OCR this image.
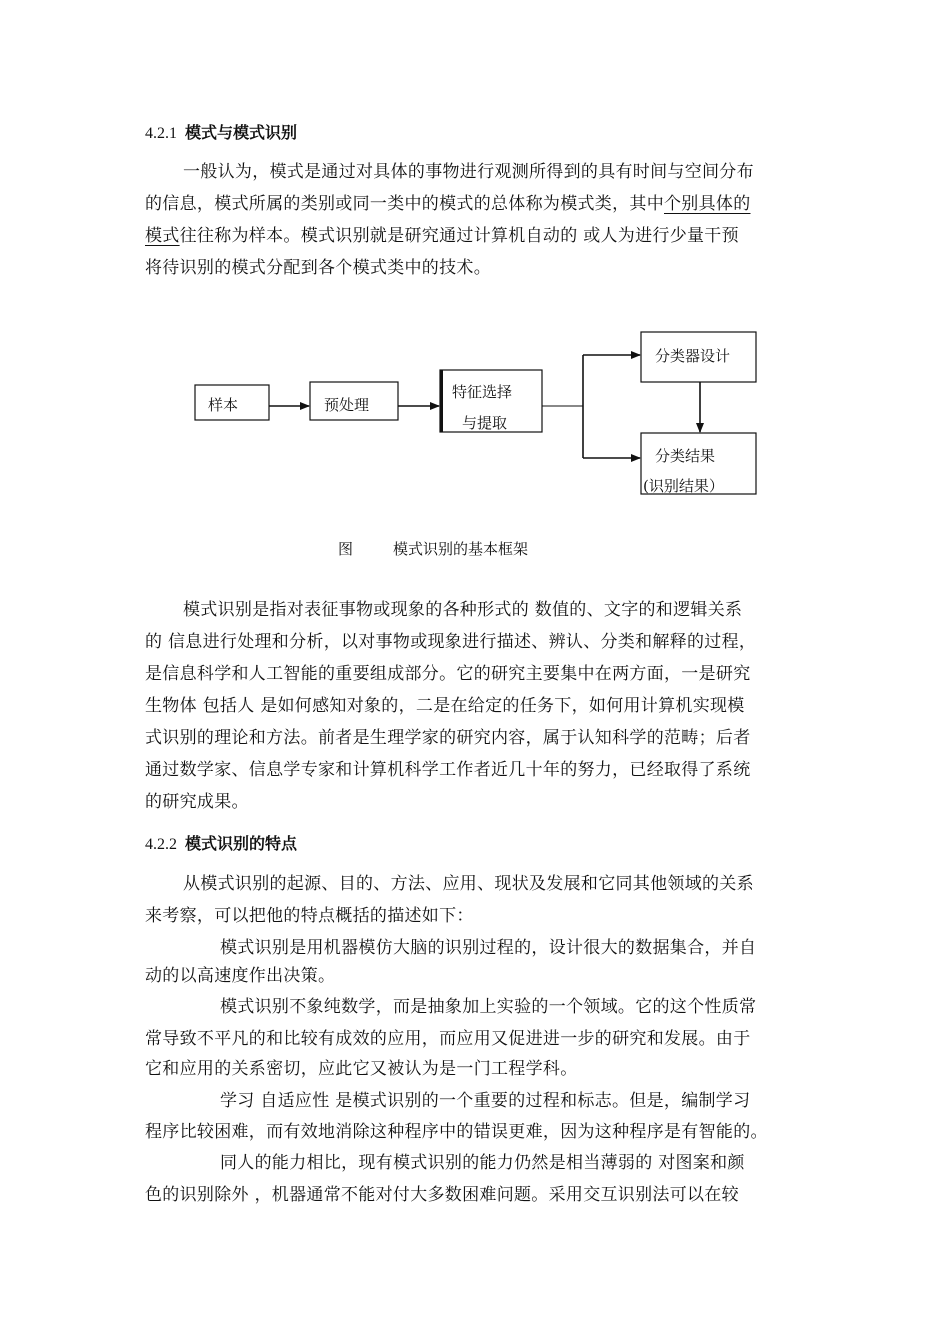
4.2.1 模式与模式识别
一般认为，模式是通过对具体的事物进行观测所得到的具有时间与空间分布
的信息，模式所属的类别或同一类中的模式的总体称为模式类，其中个别具体的
模式往往称为样本。模式识别就是研究通过计算机自动的 或人为进行少量干预
将待识别的模式分配到各个模式类中的技术。
样本	预处理
特征选择
与提取
分类器设计
分类结果
(识别结果）
图	模式识别的基本框架
模式识别是指对表征事物或现象的各种形式的 数值的、文字的和逻辑关系
的 信息进行处理和分析，以对事物或现象进行描述、辨认、分类和解释的过程，
是信息科学和人工智能的重要组成部分。它的研究主要集中在两方面，一是研究
生物体 包括人 是如何感知对象的，二是在给定的任务下，如何用计算机实现模
式识别的理论和方法。前者是生理学家的研究内容，属于认知科学的范畴；后者
通过数学家、信息学专家和计算机科学工作者近几十年的努力，已经取得了系统
的研究成果。
4.2.2 模式识别的特点
从模式识别的起源、目的、方法、应用、现状及发展和它同其他领域的关系
来考察，可以把他的特点概括的描述如下：
模式识别是用机器模仿大脑的识别过程的，设计很大的数据集合，并自
动的以高速度作出决策。
模式识别不象纯数学，而是抽象加上实验的一个领域。它的这个性质常
常导致不平凡的和比较有成效的应用，而应用又促进进一步的研究和发展。由于
它和应用的关系密切，应此它又被认为是一门工程学科。
学习 自适应性 是模式识别的一个重要的过程和标志。但是，编制学习
程序比较困难，而有效地消除这种程序中的错误更难，因为这种程序是有智能的。
同人的能力相比，现有模式识别的能力仍然是相当薄弱的 对图案和颜
色的识别除外 ，机器通常不能对付大多数困难问题。采用交互识别法可以在较
